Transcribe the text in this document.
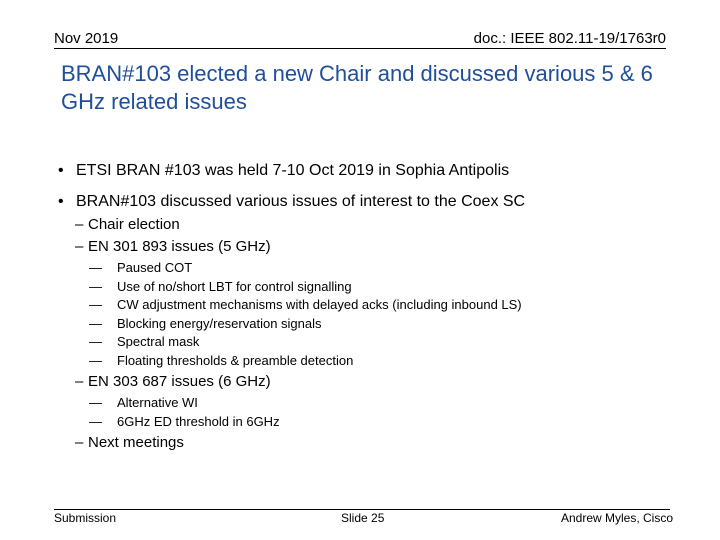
Nov 2019	doc.: IEEE 802.11-19/1763r0
BRAN#103 elected a new Chair and discussed various 5 & 6 GHz related issues
• ETSI BRAN #103 was held 7-10 Oct 2019 in Sophia Antipolis
• BRAN#103 discussed various issues of interest to the Coex SC
– Chair election
– EN 301 893 issues (5 GHz)
— Paused COT
— Use of no/short LBT for control signalling
— CW adjustment mechanisms with delayed acks (including inbound LS)
— Blocking energy/reservation signals
— Spectral mask
— Floating thresholds & preamble detection
– EN 303 687 issues (6 GHz)
— Alternative WI
— 6GHz ED threshold in 6GHz
– Next meetings
Submission	Slide 25	Andrew Myles, Cisco
